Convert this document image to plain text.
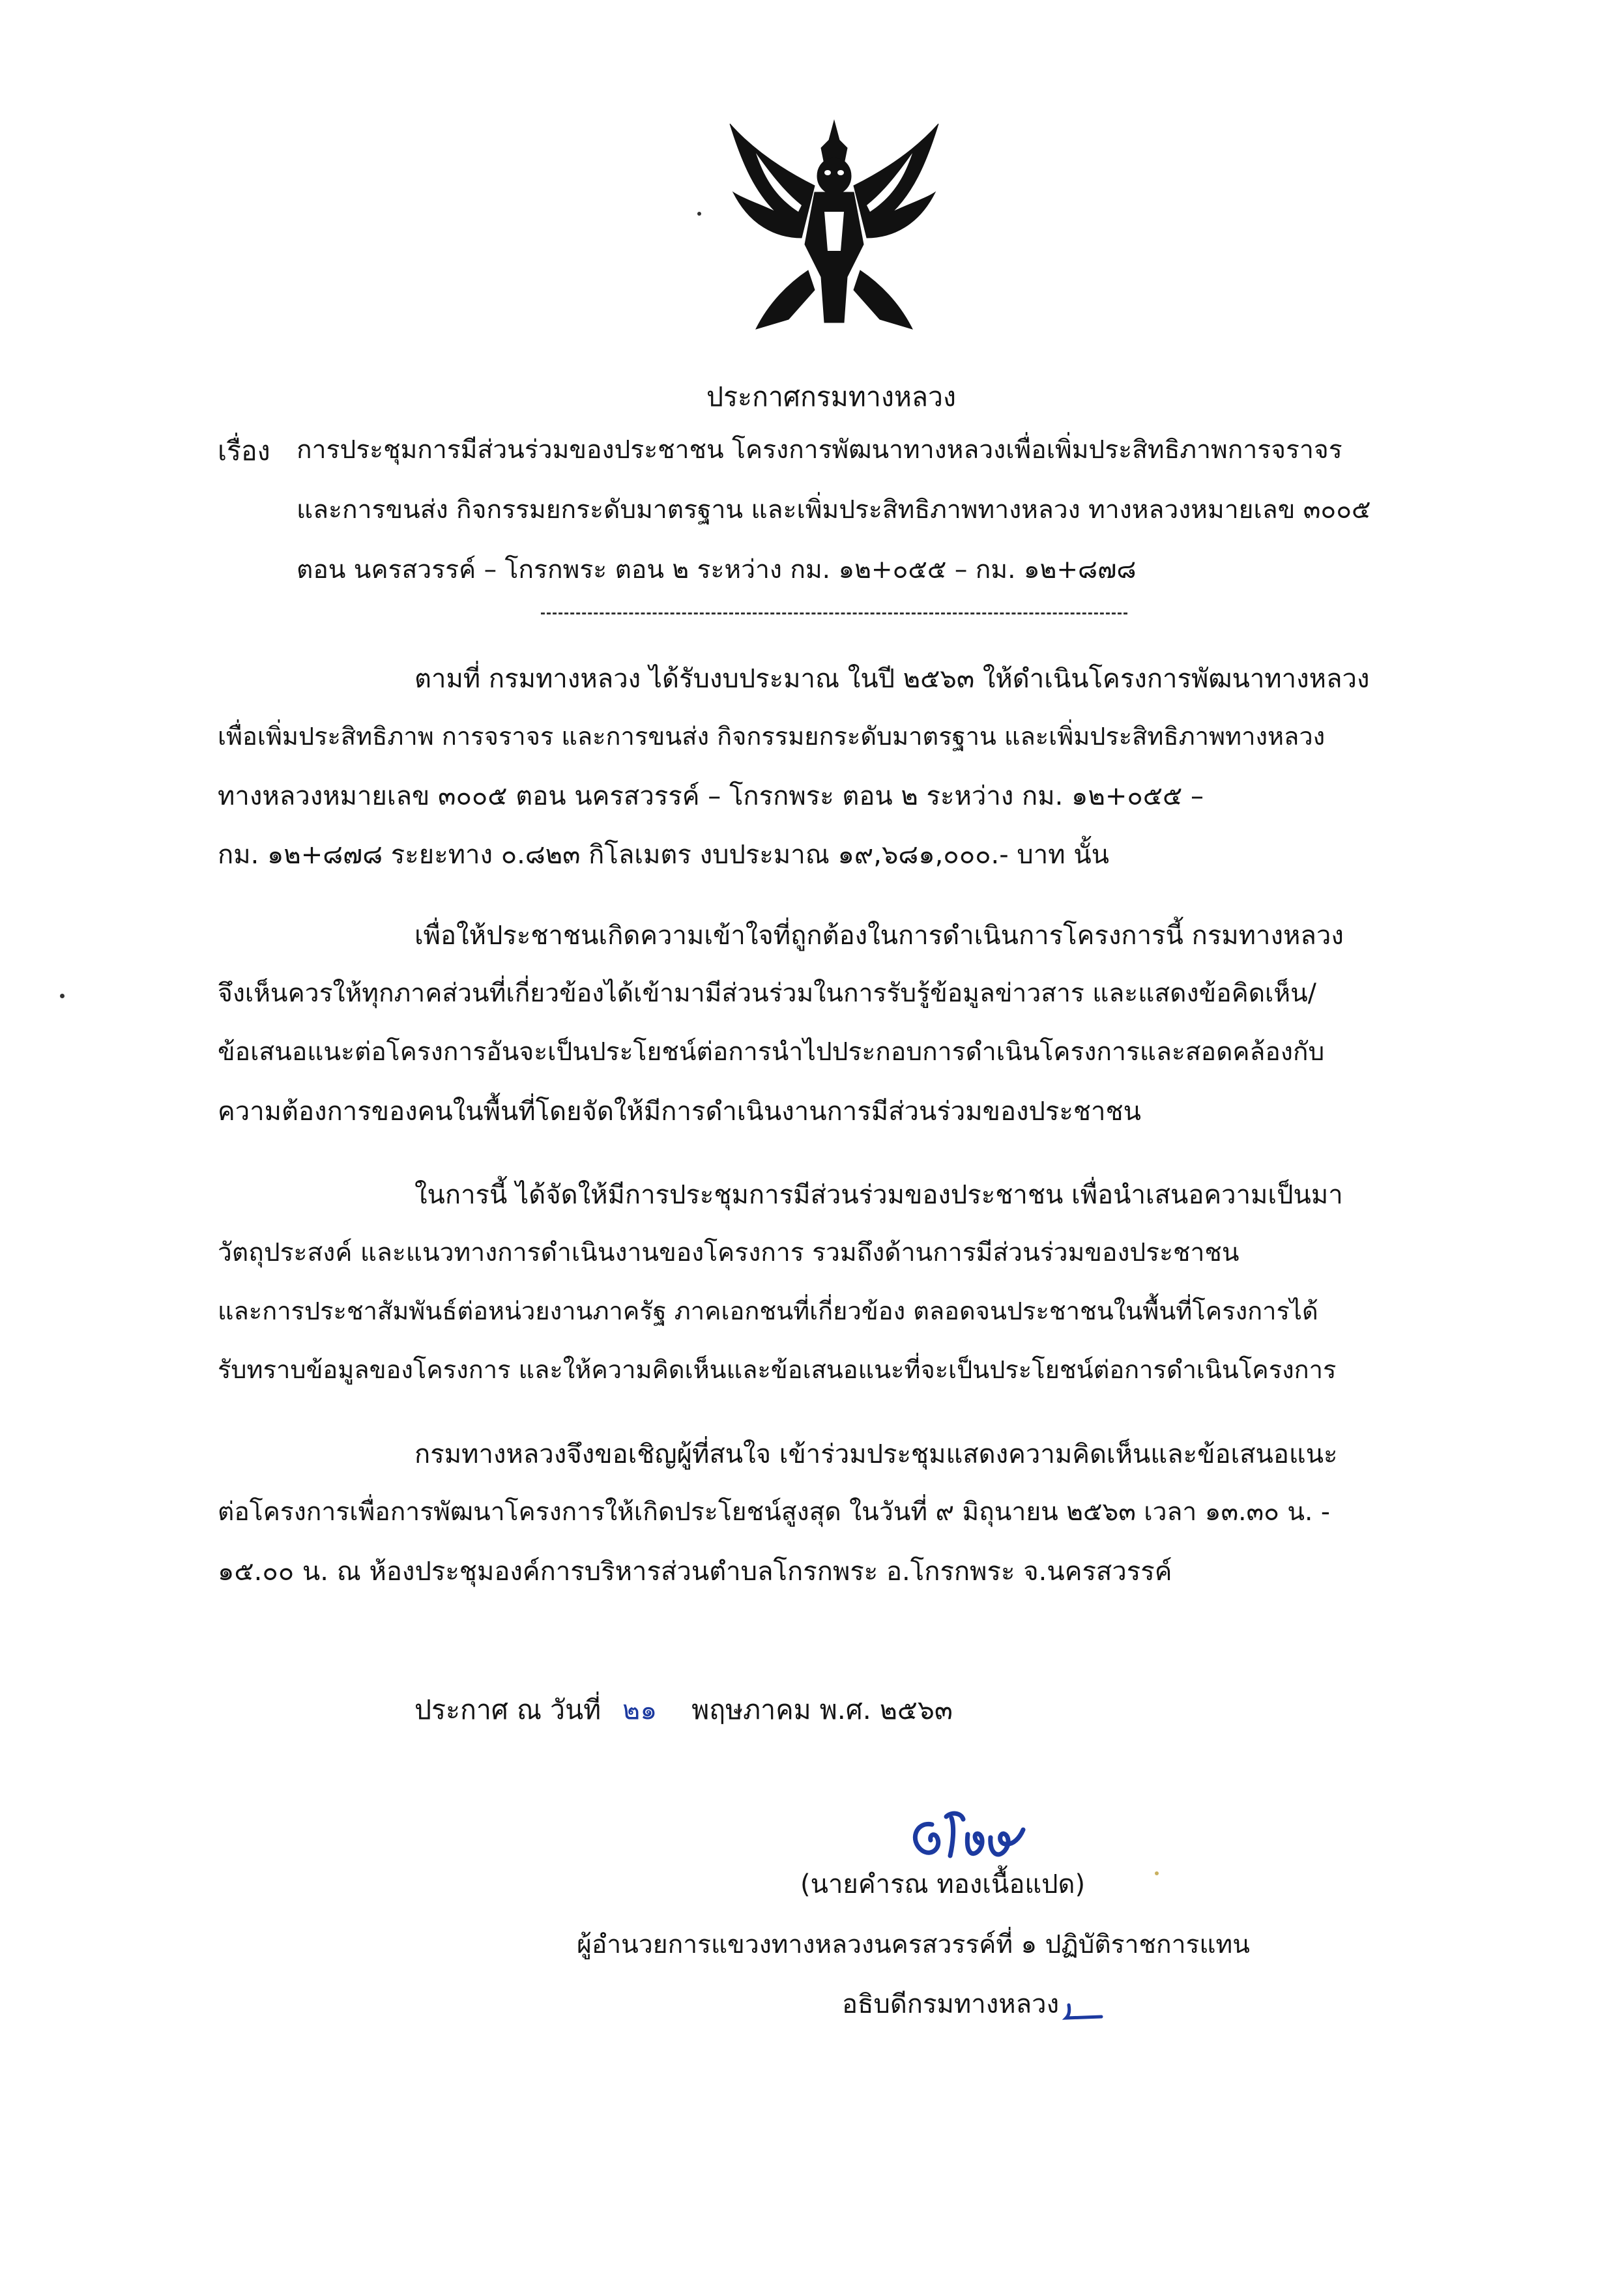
ประกาศกรมทางหลวง
เรื่อง การประชุมการมีส่วนร่วมของประชาชน โครงการพัฒนาทางหลวงเพื่อเพิ่มประสิทธิภาพการจราจร
และการขนส่ง กิจกรรมยกระดับมาตรฐาน และเพิ่มประสิทธิภาพทางหลวง ทางหลวงหมายเลข ๓๐๐๕
ตอน นครสวรรค์ – โกรกพระ ตอน ๒ ระหว่าง กม. ๑๒+๐๕๕ – กม. ๑๒+๘๗๘
ตามที่ กรมทางหลวง ได้รับงบประมาณ ในปี ๒๕๖๓ ให้ดำเนินโครงการพัฒนาทางหลวง
เพื่อเพิ่มประสิทธิภาพ การจราจร และการขนส่ง กิจกรรมยกระดับมาตรฐาน และเพิ่มประสิทธิภาพทางหลวง
ทางหลวงหมายเลข ๓๐๐๕ ตอน นครสวรรค์ – โกรกพระ ตอน ๒ ระหว่าง กม. ๑๒+๐๕๕ –
กม. ๑๒+๘๗๘ ระยะทาง ๐.๘๒๓ กิโลเมตร งบประมาณ ๑๙,๖๘๑,๐๐๐.- บาท นั้น
เพื่อให้ประชาชนเกิดความเข้าใจที่ถูกต้องในการดำเนินการโครงการนี้ กรมทางหลวง
จึงเห็นควรให้ทุกภาคส่วนที่เกี่ยวข้องได้เข้ามามีส่วนร่วมในการรับรู้ข้อมูลข่าวสาร และแสดงข้อคิดเห็น/
ข้อเสนอแนะต่อโครงการอันจะเป็นประโยชน์ต่อการนำไปประกอบการดำเนินโครงการและสอดคล้องกับ
ความต้องการของคนในพื้นที่โดยจัดให้มีการดำเนินงานการมีส่วนร่วมของประชาชน
ในการนี้ ได้จัดให้มีการประชุมการมีส่วนร่วมของประชาชน เพื่อนำเสนอความเป็นมา
วัตถุประสงค์ และแนวทางการดำเนินงานของโครงการ รวมถึงด้านการมีส่วนร่วมของประชาชน
และการประชาสัมพันธ์ต่อหน่วยงานภาครัฐ ภาคเอกชนที่เกี่ยวข้อง ตลอดจนประชาชนในพื้นที่โครงการได้
รับทราบข้อมูลของโครงการ และให้ความคิดเห็นและข้อเสนอแนะที่จะเป็นประโยชน์ต่อการดำเนินโครงการ
กรมทางหลวงจึงขอเชิญผู้ที่สนใจ เข้าร่วมประชุมแสดงความคิดเห็นและข้อเสนอแนะ
ต่อโครงการเพื่อการพัฒนาโครงการให้เกิดประโยชน์สูงสุด ในวันที่ ๙ มิถุนายน ๒๕๖๓ เวลา ๑๓.๓๐ น. -
๑๕.๐๐ น. ณ ห้องประชุมองค์การบริหารส่วนตำบลโกรกพระ อ.โกรกพระ จ.นครสวรรค์
ประกาศ ณ วันที่ ๒๑ พฤษภาคม พ.ศ. ๒๕๖๓
(นายคำรณ ทองเนื้อแปด)
ผู้อำนวยการแขวงทางหลวงนครสวรรค์ที่ ๑ ปฏิบัติราชการแทน
อธิบดีกรมทางหลวง
